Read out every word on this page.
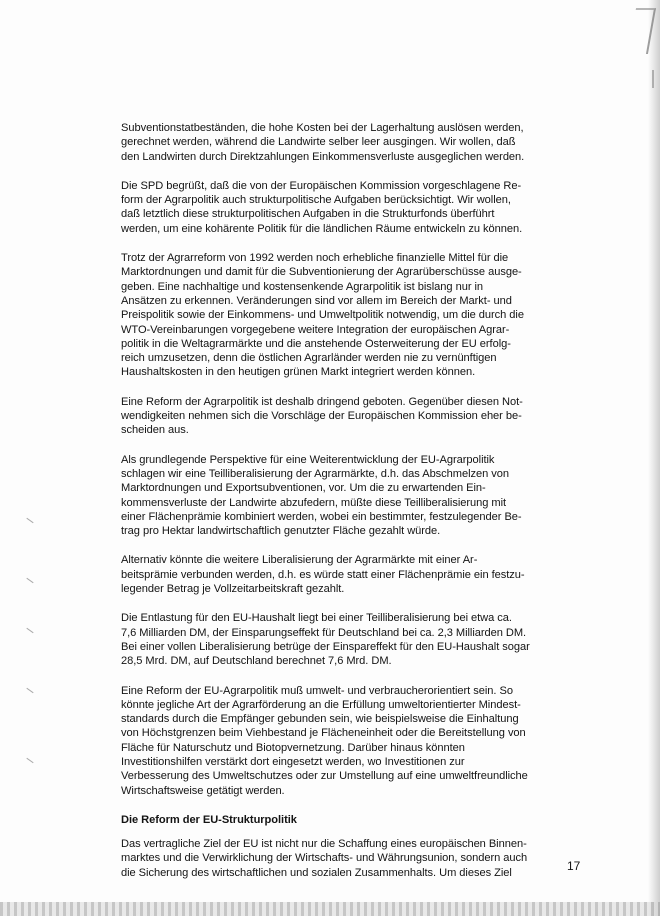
Subventionstatbeständen, die hohe Kosten bei der Lagerhaltung auslösen werden,
gerechnet werden, während die Landwirte selber leer ausgingen. Wir wollen, daß
den Landwirten durch Direktzahlungen Einkommensverluste ausgeglichen werden.
Die SPD begrüßt, daß die von der Europäischen Kommission vorgeschlagene Re-
form der Agrarpolitik auch strukturpolitische Aufgaben berücksichtigt. Wir wollen,
daß letztlich diese strukturpolitischen Aufgaben in die Strukturfonds überführt
werden, um eine kohärente Politik für die ländlichen Räume entwickeln zu können.
Trotz der Agrarreform von 1992 werden noch erhebliche finanzielle Mittel für die
Marktordnungen und damit für die Subventionierung der Agrarüberschüsse ausge-
geben. Eine nachhaltige und kostensenkende Agrarpolitik ist bislang nur in
Ansätzen zu erkennen. Veränderungen sind vor allem im Bereich der Markt- und
Preispolitik sowie der Einkommens- und Umweltpolitik notwendig, um die durch die
WTO-Vereinbarungen vorgegebene weitere Integration der europäischen Agrar-
politik in die Weltagrarmärkte und die anstehende Osterweiterung der EU erfolg-
reich umzusetzen, denn die östlichen Agrarländer werden nie zu vernünftigen
Haushaltskosten in den heutigen grünen Markt integriert werden können.
Eine Reform der Agrarpolitik ist deshalb dringend geboten. Gegenüber diesen Not-
wendigkeiten nehmen sich die Vorschläge der Europäischen Kommission eher be-
scheiden aus.
Als grundlegende Perspektive für eine Weiterentwicklung der EU-Agrarpolitik
schlagen wir eine Teilliberalisierung der Agrarmärkte, d.h. das Abschmelzen von
Marktordnungen und Exportsubventionen, vor. Um die zu erwartenden Ein-
kommensverluste der Landwirte abzufedern, müßte diese Teilliberalisierung mit
einer Flächenprämie kombiniert werden, wobei ein bestimmter, festzulegender Be-
trag pro Hektar landwirtschaftlich genutzter Fläche gezahlt würde.
Alternativ könnte die weitere Liberalisierung der Agrarmärkte mit einer Ar-
beitsprämie verbunden werden, d.h. es würde statt einer Flächenprämie ein festzu-
legender Betrag je Vollzeitarbeitskraft gezahlt.
Die Entlastung für den EU-Haushalt liegt bei einer Teilliberalisierung bei etwa ca.
7,6 Milliarden DM, der Einsparungseffekt für Deutschland bei ca. 2,3 Milliarden DM.
Bei einer vollen Liberalisierung betrüge der Einspareffekt für den EU-Haushalt sogar
28,5 Mrd. DM, auf Deutschland berechnet 7,6 Mrd. DM.
Eine Reform der EU-Agrarpolitik muß umwelt- und verbraucherorientiert sein. So
könnte jegliche Art der Agrarförderung an die Erfüllung umweltorientierter Mindest-
standards durch die Empfänger gebunden sein, wie beispielsweise die Einhaltung
von Höchstgrenzen beim Viehbestand je Flächeneinheit oder die Bereitstellung von
Fläche für Naturschutz und Biotopvernetzung. Darüber hinaus könnten
Investitionshilfen verstärkt dort eingesetzt werden, wo Investitionen zur
Verbesserung des Umweltschutzes oder zur Umstellung auf eine umweltfreundliche
Wirtschaftsweise getätigt werden.
Die Reform der EU-Strukturpolitik
Das vertragliche Ziel der EU ist nicht nur die Schaffung eines europäischen Binnen-
marktes und die Verwirklichung der Wirtschafts- und Währungsunion, sondern auch
die Sicherung des wirtschaftlichen und sozialen Zusammenhalts. Um dieses Ziel	17
